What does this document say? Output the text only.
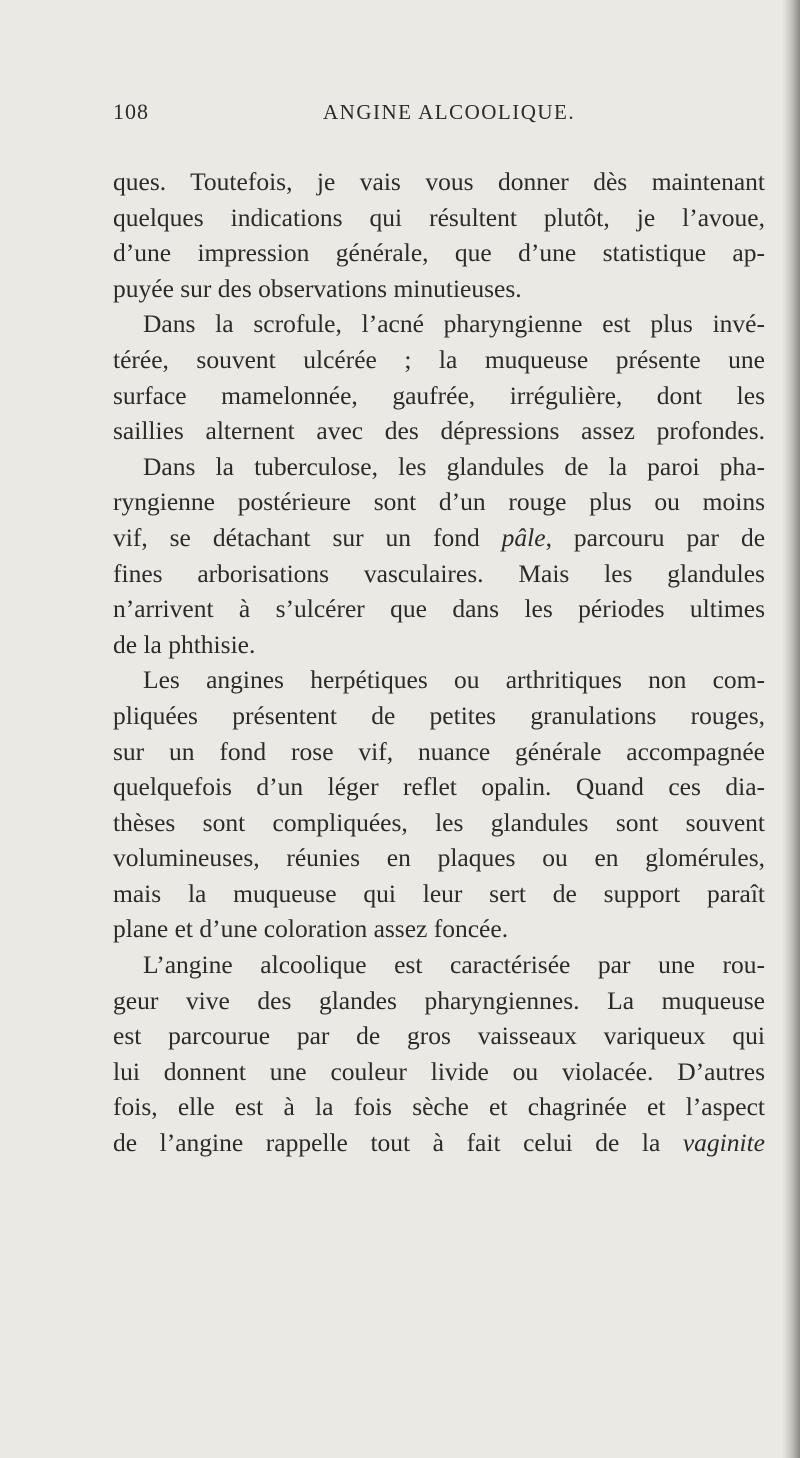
108	ANGINE ALCOOLIQUE.
ques. Toutefois, je vais vous donner dès maintenant
quelques indications qui résultent plutôt, je l’avoue,
d’une impression générale, que d’une statistique ap-
puyée sur des observations minutieuses.
Dans la scrofule, l’acné pharyngienne est plus invé-
térée, souvent ulcérée ; la muqueuse présente une
surface mamelonnée, gaufrée, irrégulière, dont les
saillies alternent avec des dépressions assez profondes.
Dans la tuberculose, les glandules de la paroi pha-
ryngienne postérieure sont d’un rouge plus ou moins
vif, se détachant sur un fond pâle, parcouru par de
fines arborisations vasculaires. Mais les glandules
n’arrivent à s’ulcérer que dans les périodes ultimes
de la phthisie.
Les angines herpétiques ou arthritiques non com-
pliquées présentent de petites granulations rouges,
sur un fond rose vif, nuance générale accompagnée
quelquefois d’un léger reflet opalin. Quand ces dia-
thèses sont compliquées, les glandules sont souvent
volumineuses, réunies en plaques ou en glomérules,
mais la muqueuse qui leur sert de support paraît
plane et d’une coloration assez foncée.
L’angine alcoolique est caractérisée par une rou-
geur vive des glandes pharyngiennes. La muqueuse
est parcourue par de gros vaisseaux variqueux qui
lui donnent une couleur livide ou violacée. D’autres
fois, elle est à la fois sèche et chagrinée et l’aspect
de l’angine rappelle tout à fait celui de la vaginite
